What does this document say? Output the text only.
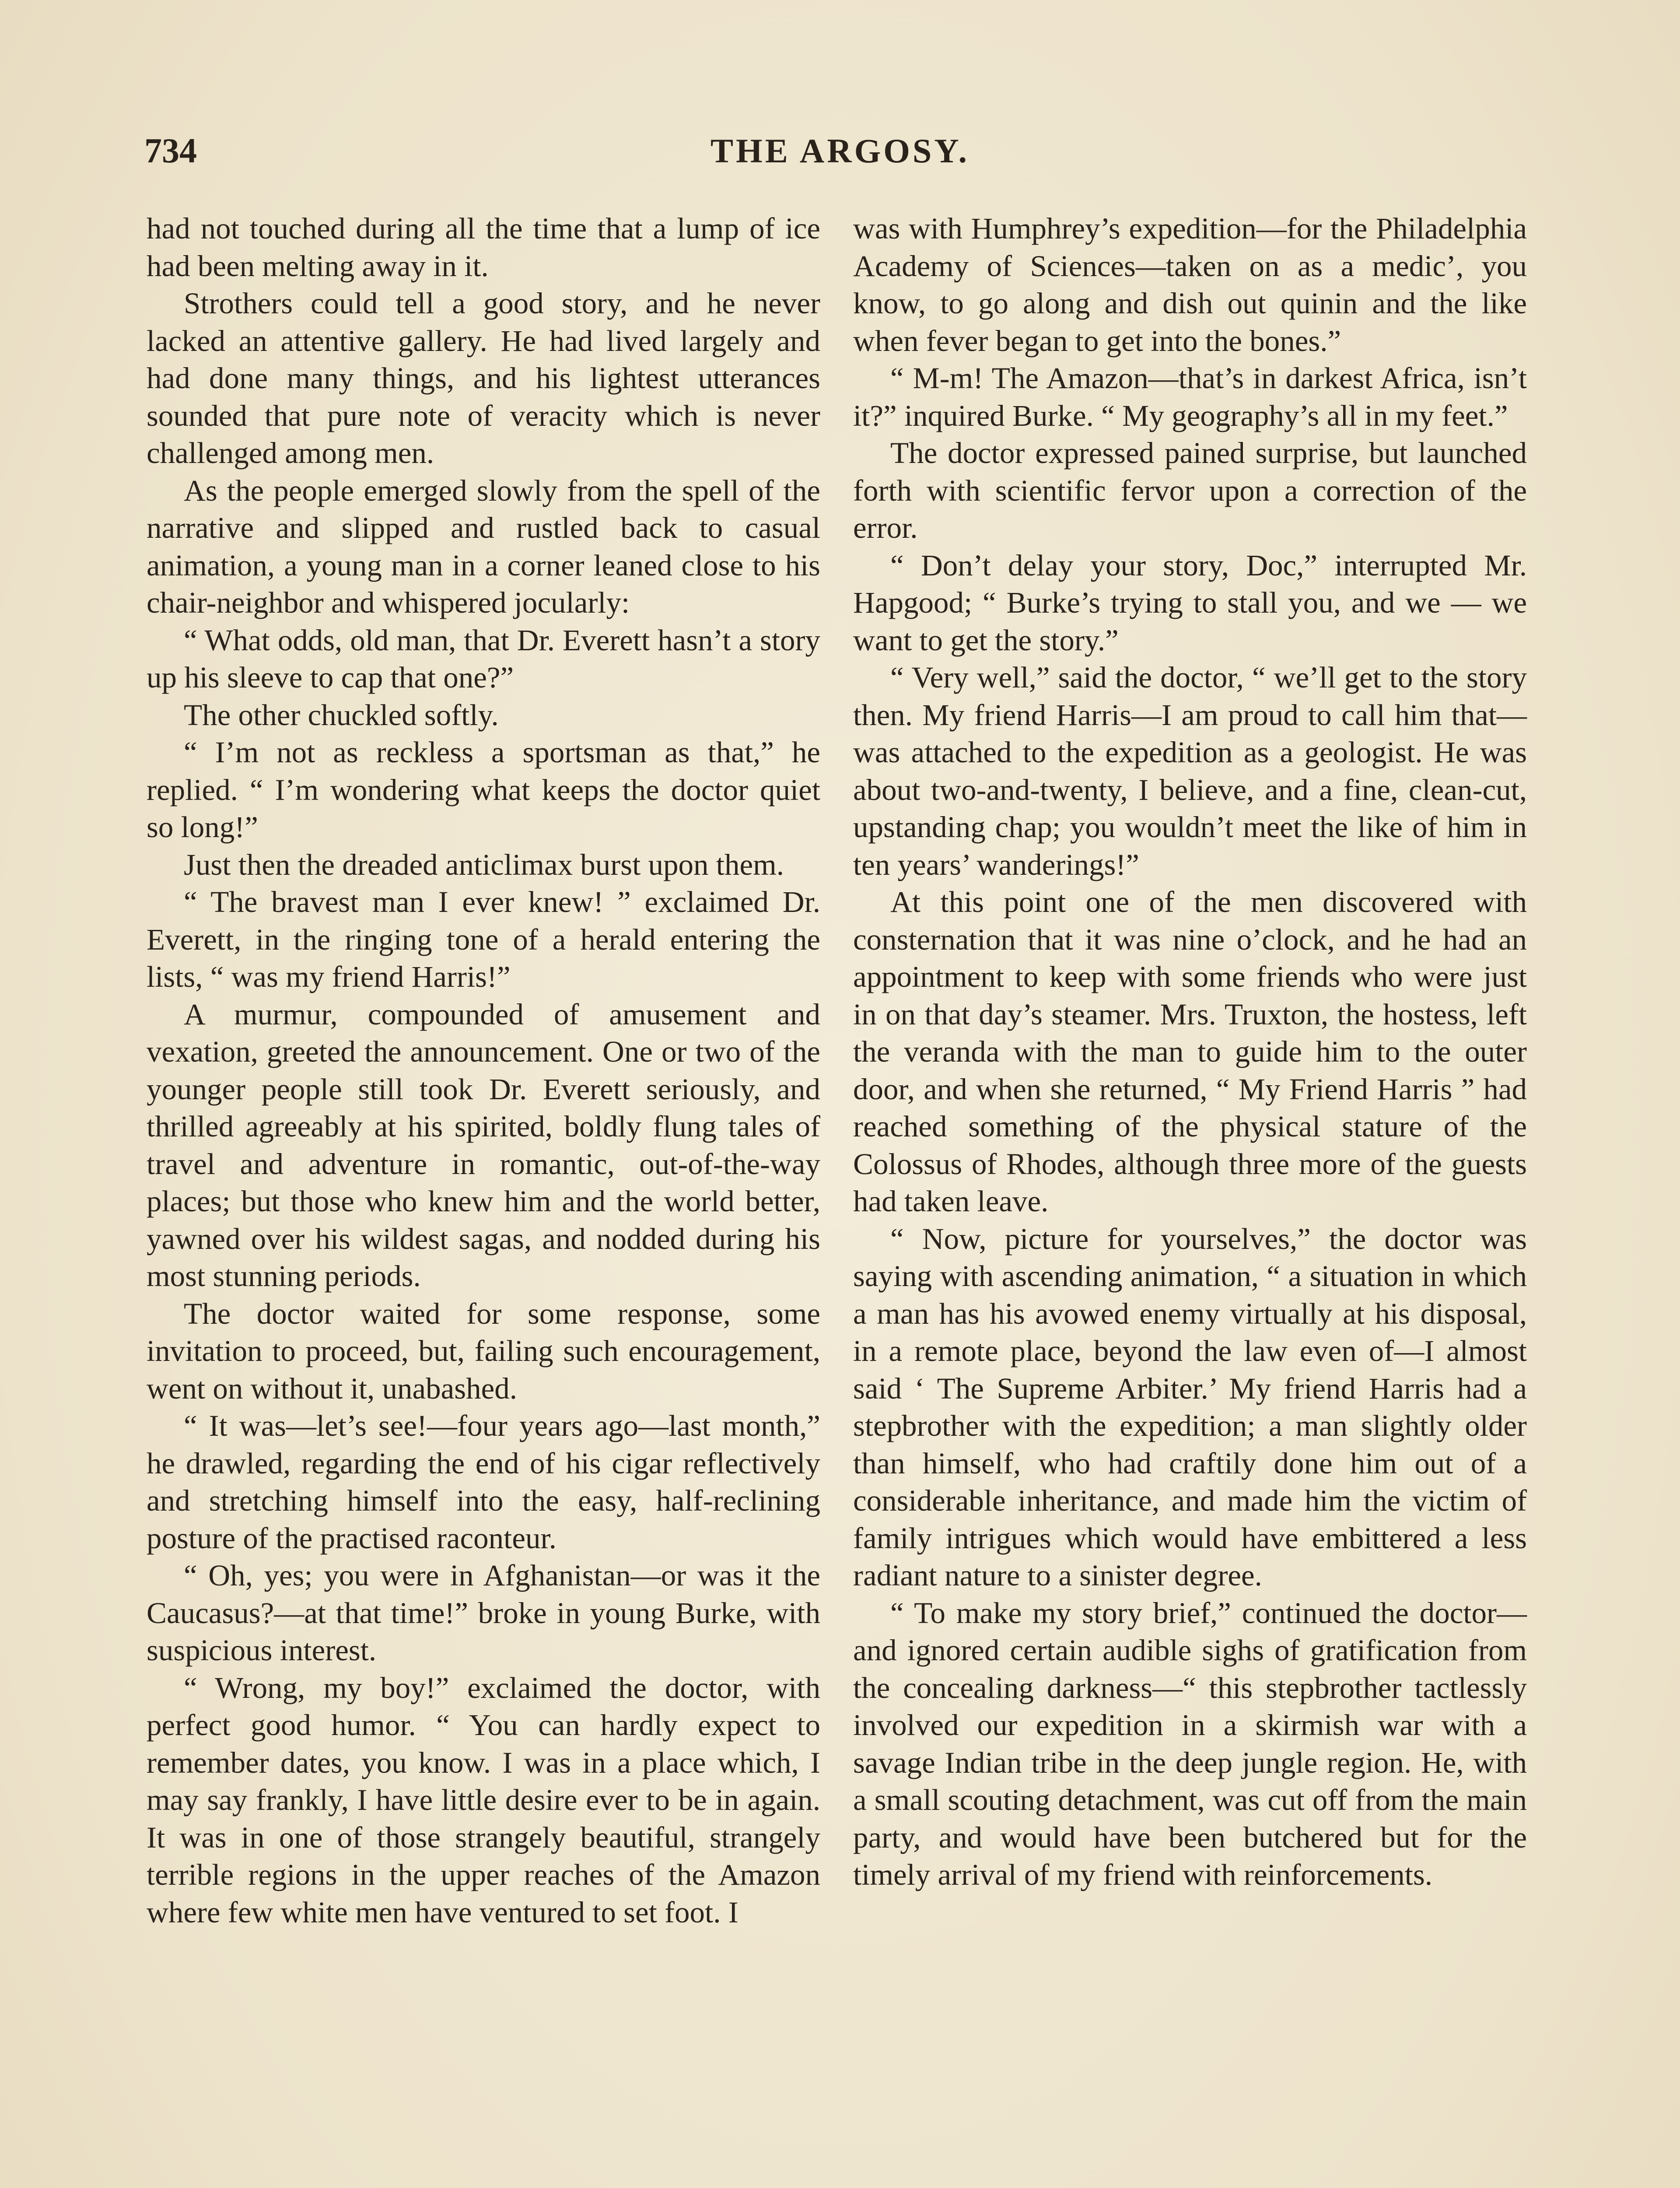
734	THE ARGOSY.

had not touched during all the time that a lump of ice had been melting away in it.

Strothers could tell a good story, and he never lacked an attentive gallery. He had lived largely and had done many things, and his lightest utterances sounded that pure note of veracity which is never challenged among men.

As the people emerged slowly from the spell of the narrative and slipped and rustled back to casual animation, a young man in a corner leaned close to his chair-neighbor and whispered jocularly:

“ What odds, old man, that Dr. Everett hasn’t a story up his sleeve to cap that one?”

The other chuckled softly.

“ I’m not as reckless a sportsman as that,” he replied. “ I’m wondering what keeps the doctor quiet so long!”

Just then the dreaded anticlimax burst upon them.

“ The bravest man I ever knew! ” exclaimed Dr. Everett, in the ringing tone of a herald entering the lists, “ was my friend Harris!”

A murmur, compounded of amusement and vexation, greeted the announcement. One or two of the younger people still took Dr. Everett seriously, and thrilled agreeably at his spirited, boldly flung tales of travel and adventure in romantic, out-of-the-way places; but those who knew him and the world better, yawned over his wildest sagas, and nodded during his most stunning periods.

The doctor waited for some response, some invitation to proceed, but, failing such encouragement, went on without it, unabashed.

“ It was—let’s see!—four years ago—last month,” he drawled, regarding the end of his cigar reflectively and stretching himself into the easy, half-reclining posture of the practised raconteur.

“ Oh, yes; you were in Afghanistan—or was it the Caucasus?—at that time!” broke in young Burke, with suspicious interest.

“ Wrong, my boy!” exclaimed the doctor, with perfect good humor. “ You can hardly expect to remember dates, you know. I was in a place which, I may say frankly, I have little desire ever to be in again. It was in one of those strangely beautiful, strangely terrible regions in the upper reaches of the Amazon where few white men have ventured to set foot. I

was with Humphrey’s expedition—for the Philadelphia Academy of Sciences—taken on as a medic’, you know, to go along and dish out quinin and the like when fever began to get into the bones.”

“ M-m! The Amazon—that’s in darkest Africa, isn’t it?” inquired Burke. “ My geography’s all in my feet.”

The doctor expressed pained surprise, but launched forth with scientific fervor upon a correction of the error.

“ Don’t delay your story, Doc,” interrupted Mr. Hapgood; “ Burke’s trying to stall you, and we — we want to get the story.”

“ Very well,” said the doctor, “ we’ll get to the story then. My friend Harris—I am proud to call him that—was attached to the expedition as a geologist. He was about two-and-twenty, I believe, and a fine, clean-cut, upstanding chap; you wouldn’t meet the like of him in ten years’ wanderings!”

At this point one of the men discovered with consternation that it was nine o’clock, and he had an appointment to keep with some friends who were just in on that day’s steamer. Mrs. Truxton, the hostess, left the veranda with the man to guide him to the outer door, and when she returned, “ My Friend Harris ” had reached something of the physical stature of the Colossus of Rhodes, although three more of the guests had taken leave.

“ Now, picture for yourselves,” the doctor was saying with ascending animation, “ a situation in which a man has his avowed enemy virtually at his disposal, in a remote place, beyond the law even of—I almost said ‘ The Supreme Arbiter.’ My friend Harris had a stepbrother with the expedition; a man slightly older than himself, who had craftily done him out of a considerable inheritance, and made him the victim of family intrigues which would have embittered a less radiant nature to a sinister degree.

“ To make my story brief,” continued the doctor—and ignored certain audible sighs of gratification from the concealing darkness—“ this stepbrother tactlessly involved our expedition in a skirmish war with a savage Indian tribe in the deep jungle region. He, with a small scouting detachment, was cut off from the main party, and would have been butchered but for the timely arrival of my friend with reinforcements.
